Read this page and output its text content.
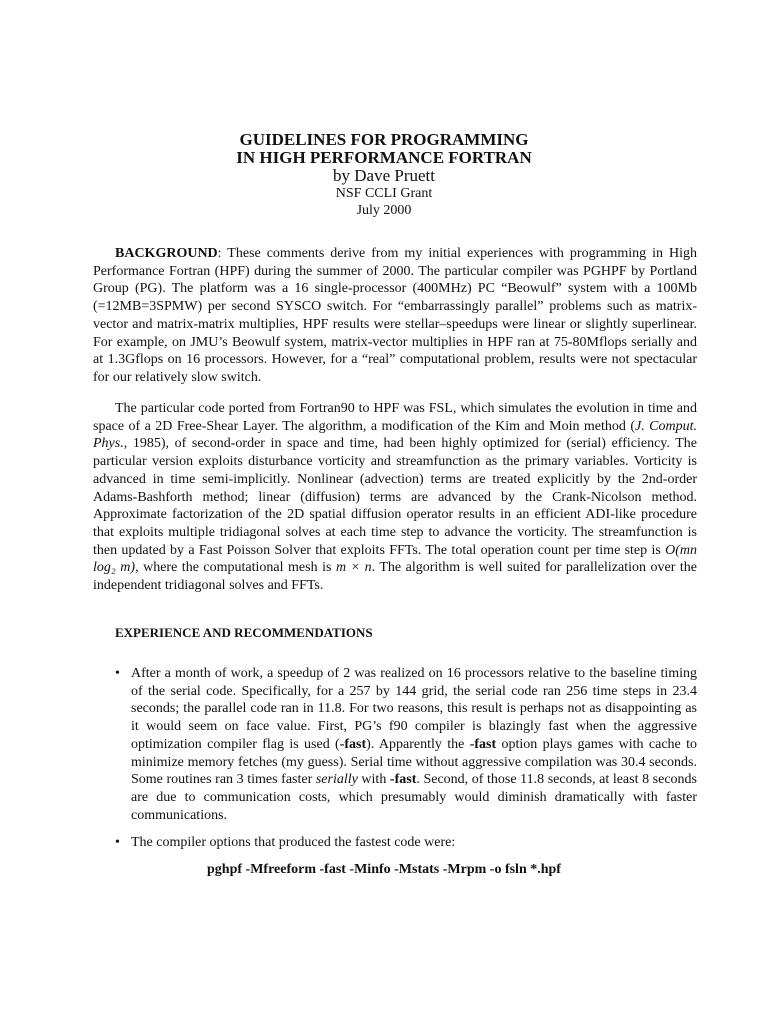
GUIDELINES FOR PROGRAMMING

IN HIGH PERFORMANCE FORTRAN

by Dave Pruett

NSF CCLI Grant

July 2000

BACKGROUND: These comments derive from my initial experiences with programming in High Performance Fortran (HPF) during the summer of 2000. The particular compiler was PGHPF by Portland Group (PG). The platform was a 16 single-processor (400MHz) PC “Beowulf” system with a 100Mb (=12MB=3SPMW) per second SYSCO switch. For “embarrassingly parallel” problems such as matrix-vector and matrix-matrix multiplies, HPF results were stellar–speedups were linear or slightly superlinear. For example, on JMU’s Beowulf system, matrix-vector multiplies in HPF ran at 75-80Mflops serially and at 1.3Gflops on 16 processors. However, for a “real” computational problem, results were not spectacular for our relatively slow switch.

The particular code ported from Fortran90 to HPF was FSL, which simulates the evolution in time and space of a 2D Free-Shear Layer. The algorithm, a modification of the Kim and Moin method (J. Comput. Phys., 1985), of second-order in space and time, had been highly optimized for (serial) efficiency. The particular version exploits disturbance vorticity and streamfunction as the primary variables. Vorticity is advanced in time semi-implicitly. Nonlinear (advection) terms are treated explicitly by the 2nd-order Adams-Bashforth method; linear (diffusion) terms are advanced by the Crank-Nicolson method. Approximate factorization of the 2D spatial diffusion operator results in an efficient ADI-like procedure that exploits multiple tridiagonal solves at each time step to advance the vorticity. The streamfunction is then updated by a Fast Poisson Solver that exploits FFTs. The total operation count per time step is O(mn log₂ m), where the computational mesh is m × n. The algorithm is well suited for parallelization over the independent tridiagonal solves and FFTs.

EXPERIENCE AND RECOMMENDATIONS

• After a month of work, a speedup of 2 was realized on 16 processors relative to the baseline timing of the serial code. Specifically, for a 257 by 144 grid, the serial code ran 256 time steps in 23.4 seconds; the parallel code ran in 11.8. For two reasons, this result is perhaps not as disappointing as it would seem on face value. First, PG’s f90 compiler is blazingly fast when the aggressive optimization compiler flag is used (-fast). Apparently the -fast option plays games with cache to minimize memory fetches (my guess). Serial time without aggressive compilation was 30.4 seconds. Some routines ran 3 times faster serially with -fast. Second, of those 11.8 seconds, at least 8 seconds are due to communication costs, which presumably would diminish dramatically with faster communications.
• The compiler options that produced the fastest code were:

pghpf -Mfreeform -fast -Minfo -Mstats -Mrpm -o fsln *.hpf
